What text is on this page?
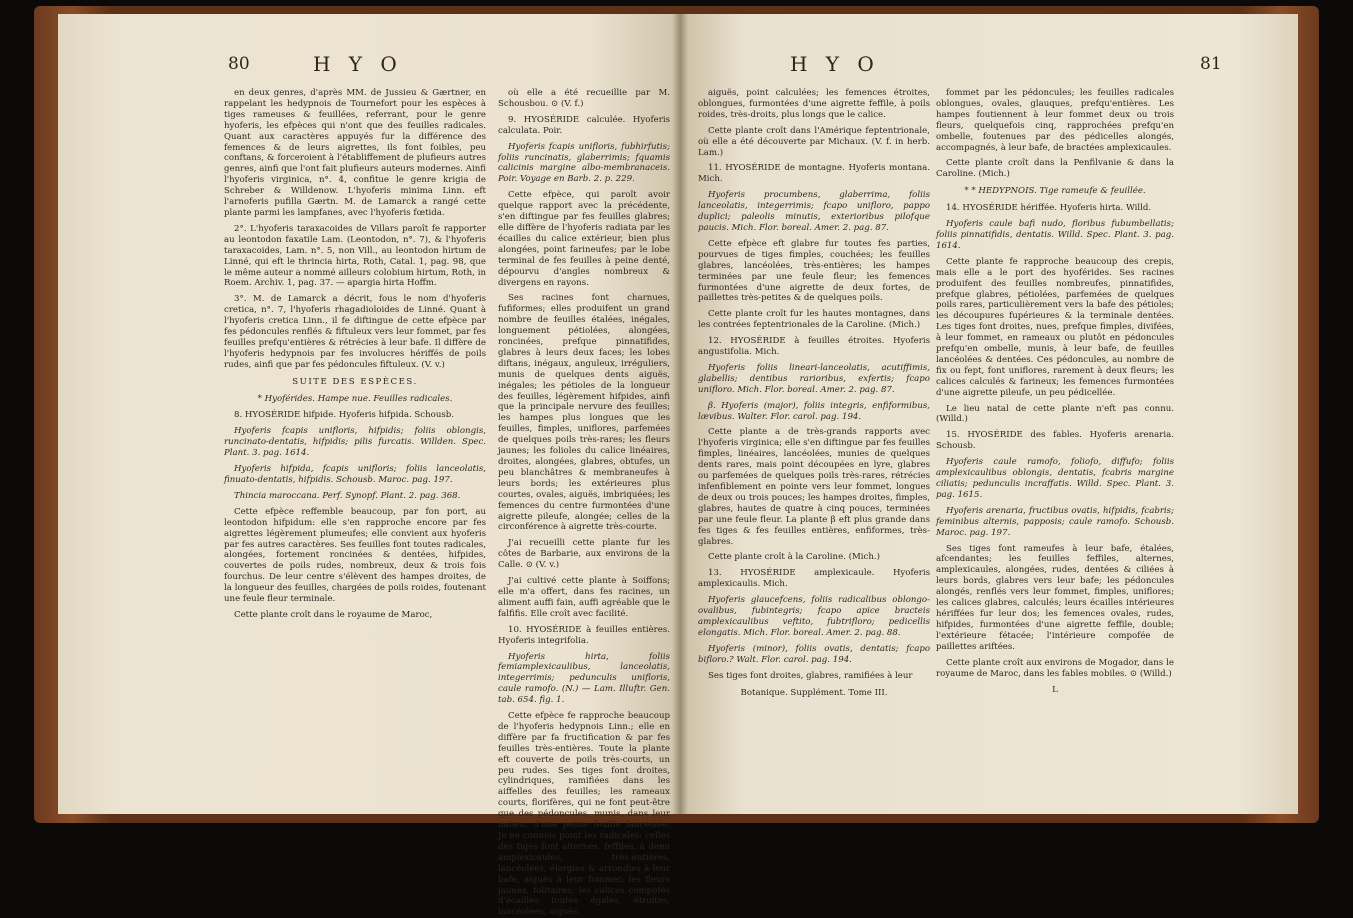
80	H Y O

en deux genres, d'après MM. de Jussieu & Gærtner, en rappelant les hedypnois de Tournefort pour les espèces à tiges rameuses & feuillées, referrant, pour le genre hyoferis, les efpèces qui n'ont que des feuilles radicales. Quant aux caractères appuyés fur la différence des femences & de leurs aigrettes, ils font foibles, peu conftans, & forceroient à l'établiffement de plufieurs autres genres, ainfi que l'ont fait plufieurs auteurs modernes. Ainfi l'hyoferis virginica, n°. 4, confitue le genre krigia de Schreber & Willdenow. L'hyoferis minima Linn. eft l'arnoferis pufilla Gærtn. M. de Lamarck a rangé cette plante parmi les lampfanes, avec l'hyoferis fœtida.

2°. L'hyoferis taraxacoides de Villars paroît fe rapporter au leontodon faxatile Lam. (Leontodon, n°. 7), & l'hyoferis taraxacoides, Lam. n°. 5, non Vill., au leontodon hirtum de Linné, qui eft le thrincia hirta, Roth, Catal. 1, pag. 98, que le même auteur a nommé ailleurs colobium hirtum, Roth, in Roem. Archiv. 1, pag. 37. — apargia hirta Hoffm.

3°. M. de Lamarck a décrit, fous le nom d'hyoferis cretica, n°. 7, l'hyoferis rhagadioloides de Linné. Quant à l'hyoferis cretica Linn., il fe diftingue de cette efpèce par fes pédoncules renflés & fiftuleux vers leur fommet, par fes feuilles prefqu'entières & rétrécies à leur bafe. Il diffère de l'hyoferis hedypnois par fes involucres hériffés de poils rudes, ainfi que par fes pédoncules fiftuleux. (V. v.)

SUITE DES ESPÈCES.

* Hyoférides. Hampe nue. Feuilles radicales.

8. HYOSÉRIDE hifpide. Hyoferis hifpida. Schousb.

Hyoferis fcapis unifloris, hifpidis; foliis oblongis, runcinato-dentatis, hifpidis; pilis furcatis. Willden. Spec. Plant. 3. pag. 1614.

Hyoferis hifpida, fcapis unifloris; foliis lanceolatis, finuato-dentatis, hifpidis. Schousb. Maroc. pag. 197.

Thincia maroccana. Perf. Synopf. Plant. 2. pag. 368.

Cette efpèce reffemble beaucoup, par fon port, au leontodon hifpidum: elle s'en rapproche encore par fes aigrettes légèrement plumeufes; elle convient aux hyoferis par fes autres caractères. Ses feuilles font toutes radicales, alongées, fortement roncinées & dentées, hifpides, couvertes de poils rudes, nombreux, deux & trois fois fourchus. De leur centre s'élèvent des hampes droites, de la longueur des feuilles, chargées de poils roides, foutenant une feule fleur terminale.

Cette plante croît dans le royaume de Maroc,

où elle a été recueillie par M. Schousbou. ⊙ (V. f.)

9. HYOSÉRIDE calculée. Hyoferis calculata. Poir.

Hyoferis fcapis unifloris, fubhirfutis; foliis runcinatis, glaberrimis; fquamis calicinis margine albo-membranaceis. Poir. Voyage en Barb. 2. p. 229.

Cette efpèce, qui paroît avoir quelque rapport avec la précédente, s'en diftingue par fes feuilles glabres; elle diffère de l'hyoferis radiata par les écailles du calice extérieur, bien plus alongées, point farineufes; par le lobe terminal de fes feuilles à peine denté, dépourvu d'angles nombreux & divergens en rayons.

Ses racines font charnues, fufiformes; elles produifent un grand nombre de feuilles étalées, inégales, longuement pétiolées, alongées, roncinées, prefque pinnatifides, glabres à leurs deux faces; les lobes diftans, inégaux, anguleux, irréguliers, munis de quelques dents aiguës, inégales; les pétioles de la longueur des feuilles, légèrement hifpides, ainfi que la principale nervure des feuilles; les hampes plus longues que les feuilles, fimples, uniflores, parfemées de quelques poils très-rares; les fleurs jaunes; les folioles du calice linéaires, droites, alongées, glabres, obtufes, un peu blanchâtres & membraneufes à leurs bords; les extérieures plus courtes, ovales, aiguës, imbriquées; les femences du centre furmontées d'une aigrette pileufe, alongée; celles de la circonférence à aigrette très-courte.

J'ai recueilli cette plante fur les côtes de Barbarie, aux environs de la Calle. ⊙ (V. v.)

J'ai cultivé cette plante à Soiffons; elle m'a offert, dans fes racines, un aliment auffi fain, auffi agréable que le falfifis. Elle croît avec facilité.

10. HYOSÉRIDE à feuilles entières. Hyoferis integrifolia.

Hyoferis hirta, foliis femiamplexicaulibus, lanceolatis, integerrimis; pedunculis unifloris, caule ramofo. (N.) — Lam. Illuftr. Gen. tab. 654. fig. 1.

Cette efpèce fe rapproche beaucoup de l'hyoferis hedypnois Linn.; elle en diffère par fa fructification & par fes feuilles très-entières. Toute la plante eft couverte de poils très-courts, un peu rudes. Ses tiges font droites, cylindriques, ramifiées dans les aiffelles des feuilles; les rameaux courts, florifères, qui ne font peut-être que des pédoncules, munis, dans leur milieu, d'une petite feuille lancéolée. Je ne connois point les radicales: celles des tiges font alternes, feffiles, à demi amplexicaules, très-entières, lancéolées, élargies & arrondies à leur bafe, aiguës à leur fommet; les fleurs jaunes, folitaires; les calices compofés d'écailles toutes égales, étroites, lancéolées, aiguës,

H Y O	81

aiguës, point calculées; les femences étroites, oblongues, furmontées d'une aigrette feffile, à poils roides, très-droits, plus longs que le calice.

Cette plante croît dans l'Amérique feptentrionale, où elle a été découverte par Michaux. (V. f. in herb. Lam.)

11. HYOSÉRIDE de montagne. Hyoferis montana. Mich.

Hyoferis procumbens, glaberrima, foliis lanceolatis, integerrimis; fcapo unifloro, pappo duplici; paleolis minutis, exterioribus pilofque paucis. Mich. Flor. boreal. Amer. 2. pag. 87.

Cette efpèce eft glabre fur toutes fes parties, pourvues de tiges fimples, couchées; les feuilles glabres, lancéolées, très-entières; les hampes terminées par une feule fleur; les femences furmontées d'une aigrette de deux fortes, de paillettes très-petites & de quelques poils.

Cette plante croît fur les hautes montagnes, dans les contrées feptentrionales de la Caroline. (Mich.)

12. HYOSÉRIDE à feuilles étroites. Hyoferis angustifolia. Mich.

Hyoferis foliis lineari-lanceolatis, acutiffimis, glabellis; dentibus rarioribus, exfertis; fcapo unifloro. Mich. Flor. boreal. Amer. 2. pag. 87.

β. Hyoferis (major), foliis integris, enfiformibus, lævibus. Walter. Flor. carol. pag. 194.

Cette plante a de très-grands rapports avec l'hyoferis virginica; elle s'en diftingue par fes feuilles fimples, linéaires, lancéolées, munies de quelques dents rares, mais point découpées en lyre, glabres ou parfemées de quelques poils très-rares, rétrécies infenfiblement en pointe vers leur fommet, longues de deux ou trois pouces; les hampes droites, fimples, glabres, hautes de quatre à cinq pouces, terminées par une feule fleur. La plante β eft plus grande dans fes tiges & fes feuilles entières, enfiformes, très-glabres.

Cette plante croît à la Caroline. (Mich.)

13. HYOSÉRIDE amplexicaule. Hyoferis amplexicaulis. Mich.

Hyoferis glaucefcens, foliis radicalibus oblongo-ovalibus, fubintegris; fcapo apice bracteis amplexicaulibus veftito, fubtrifloro; pedicellis elongatis. Mich. Flor. boreal. Amer. 2. pag. 88.

Hyoferis (minor), foliis ovatis, dentatis; fcapo bifloro.? Walt. Flor. carol. pag. 194.

Ses tiges font droites, glabres, ramifiées à leur

Botanique. Supplément. Tome III.

fommet par les pédoncules; les feuilles radicales oblongues, ovales, glauques, prefqu'entières. Les hampes foutiennent à leur fommet deux ou trois fleurs, quelquefois cinq, rapprochées prefqu'en ombelle, foutenues par des pédicelles alongés, accompagnés, à leur bafe, de bractées amplexicaules.

Cette plante croît dans la Penfilvanie & dans la Caroline. (Mich.)

* * HEDYPNOIS. Tige rameufe & feuillée.

14. HYOSÉRIDE hériffée. Hyoferis hirta. Willd.

Hyoferis caule bafi nudo, floribus fubumbellatis; foliis pinnatifidis, dentatis. Willd. Spec. Plant. 3. pag. 1614.

Cette plante fe rapproche beaucoup des crepis, mais elle a le port des hyoférides. Ses racines produifent des feuilles nombreufes, pinnatifides, prefque glabres, pétiolées, parfemées de quelques poils rares, particulièrement vers la bafe des pétioles; les découpures fupérieures & la terminale dentées. Les tiges font droites, nues, prefque fimples, divifées, à leur fommet, en rameaux ou plutôt en pédoncules prefqu'en ombelle, munis, à leur bafe, de feuilles lancéolées & dentées. Ces pédoncules, au nombre de fix ou fept, font uniflores, rarement à deux fleurs; les calices calculés & farineux; les femences furmontées d'une aigrette pileufe, un peu pédicellée.

Le lieu natal de cette plante n'eft pas connu. (Willd.)

15. HYOSÉRIDE des fables. Hyoferis arenaria. Schousb.

Hyoferis caule ramofo, foliofo, diffufo; foliis amplexicaulibus oblongis, dentatis, fcabris margine ciliatis; pedunculis incraffatis. Willd. Spec. Plant. 3. pag. 1615.

Hyoferis arenaria, fructibus ovatis, hifpidis, fcabris; feminibus alternis, papposis; caule ramofo. Schousb. Maroc. pag. 197.

Ses tiges font rameufes à leur bafe, étalées, afcendantes; les feuilles feffiles, alternes, amplexicaules, alongées, rudes, dentées & ciliées à leurs bords, glabres vers leur bafe; les pédoncules alongés, renflés vers leur fommet, fimples, uniflores; les calices glabres, calculés; leurs écailles intérieures hériffées fur leur dos; les femences ovales, rudes, hifpides, furmontées d'une aigrette feffile, double; l'extérieure fétacée; l'intérieure compofée de paillettes ariftées.

Cette plante croît aux environs de Mogador, dans le royaume de Maroc, dans les fables mobiles. ⊙ (Willd.)

L
